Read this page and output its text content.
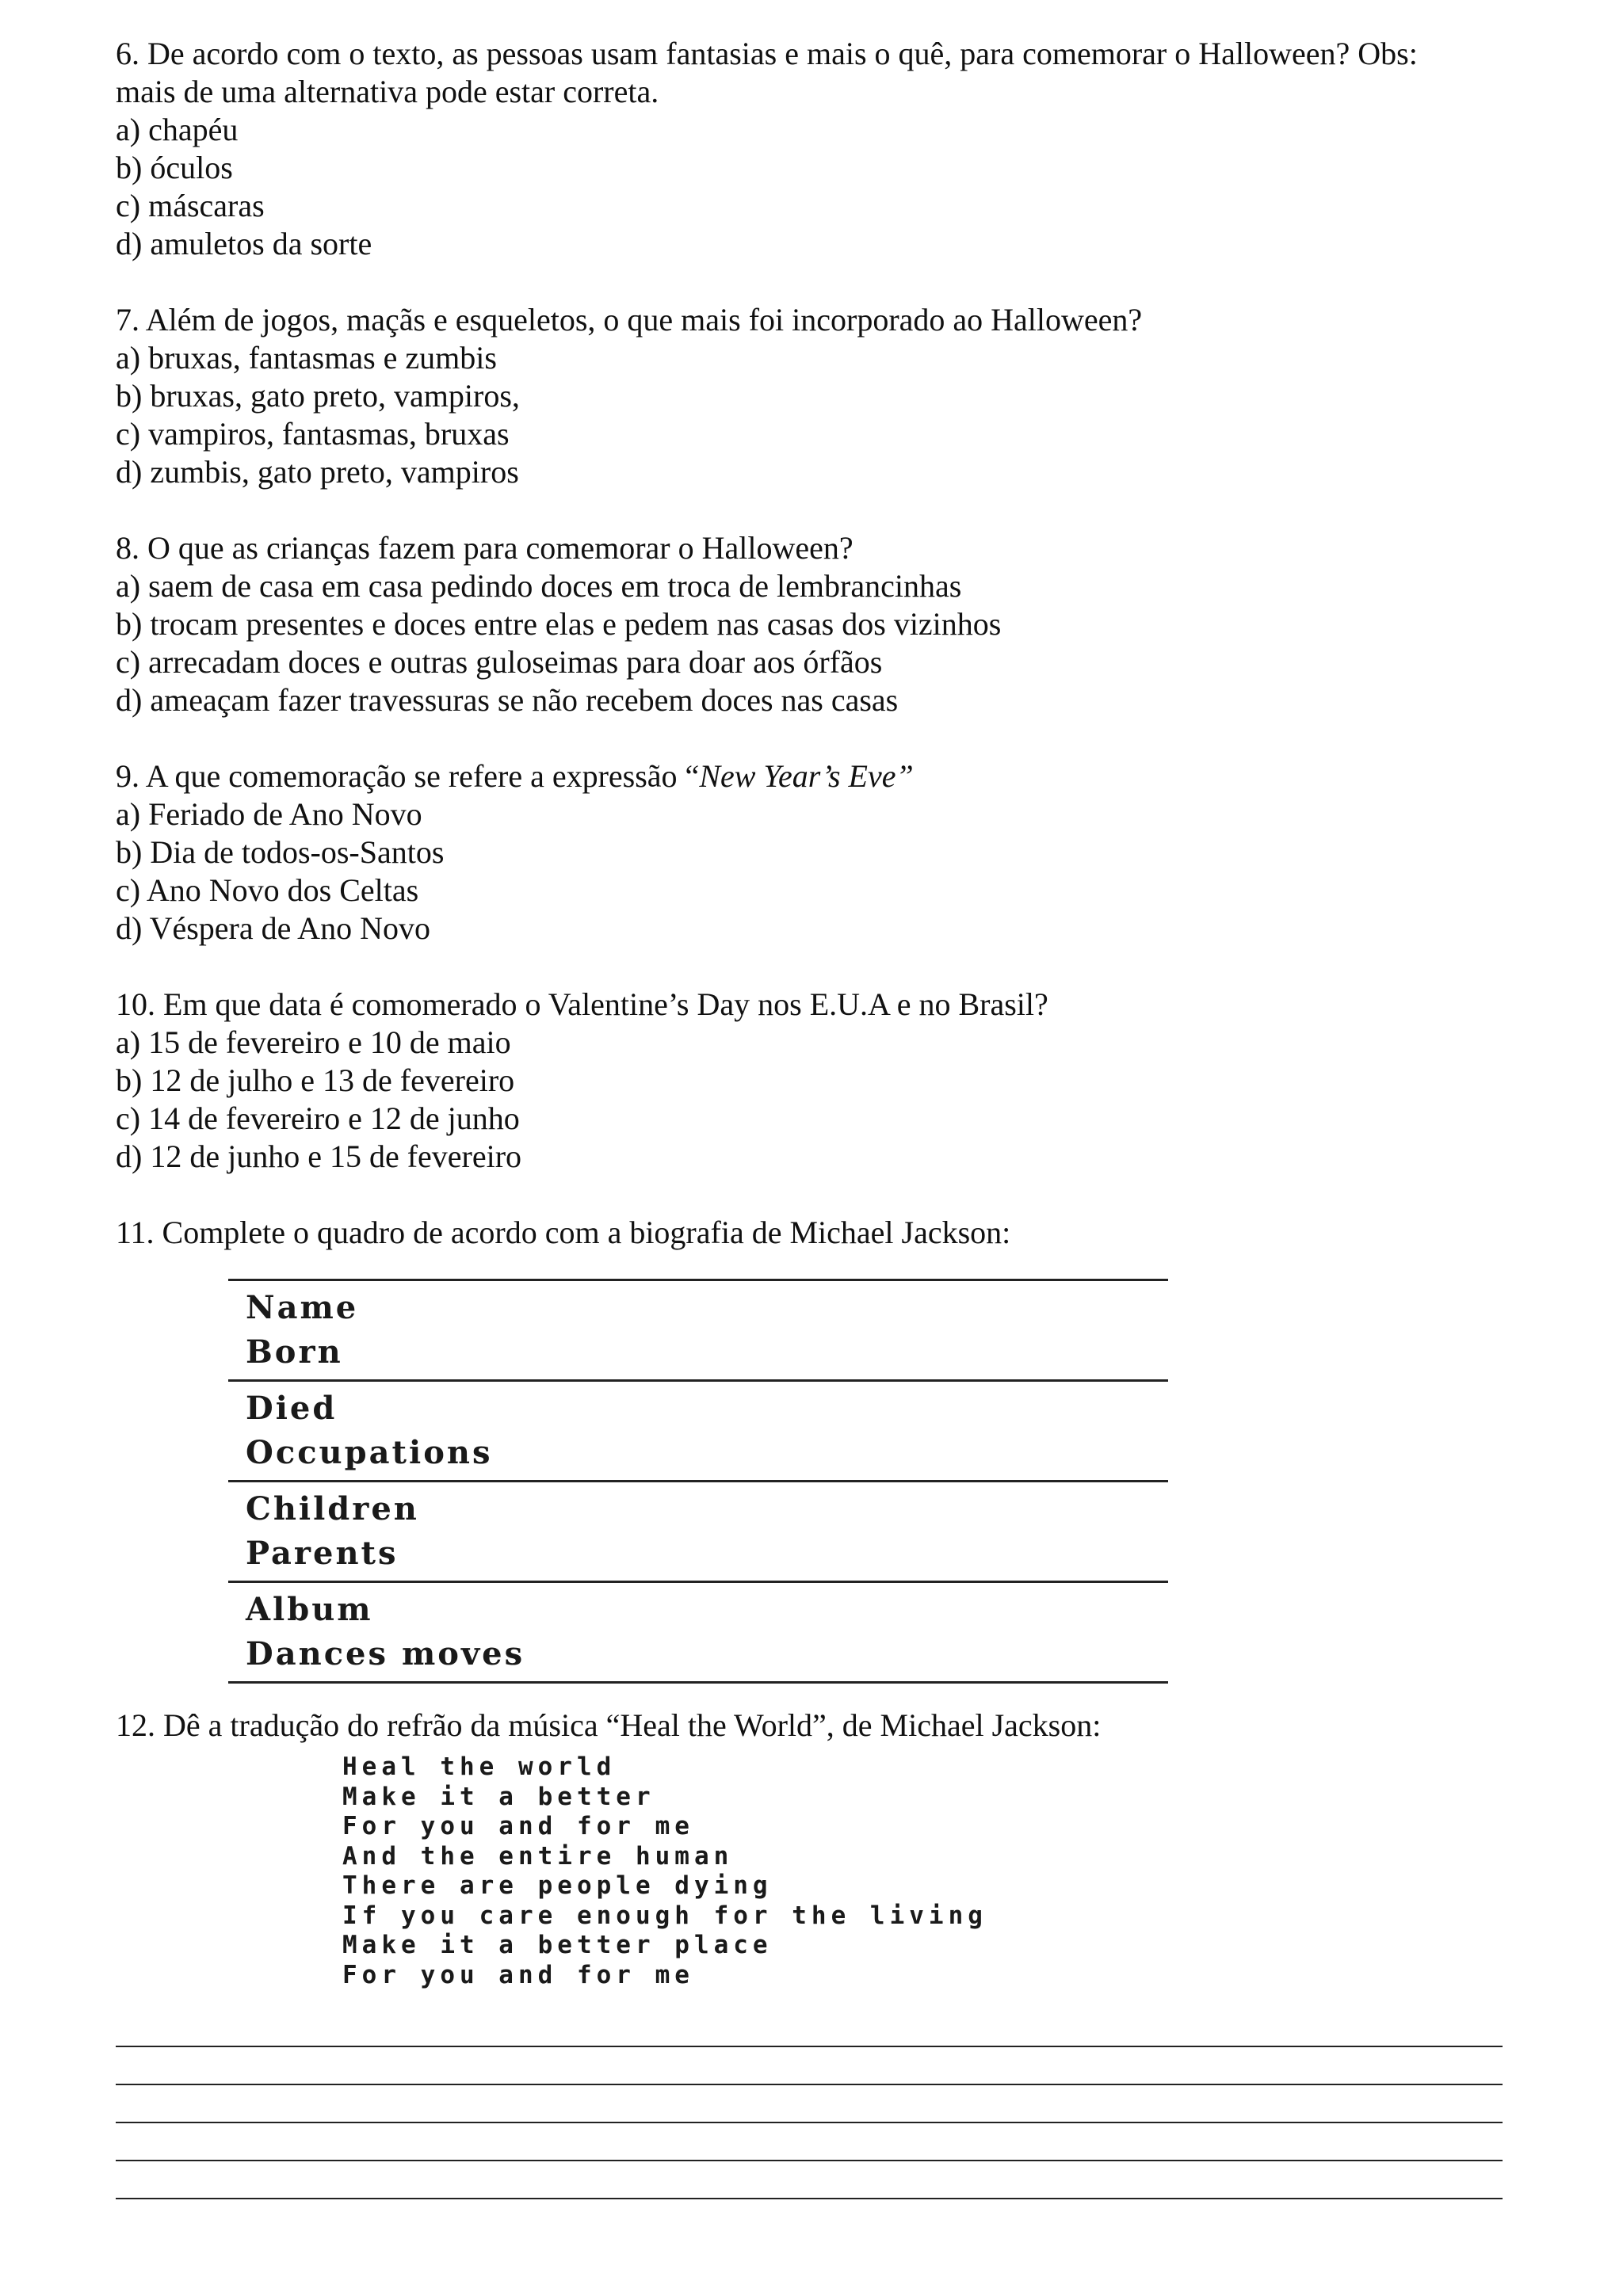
6. De acordo com o texto, as pessoas usam fantasias e mais o quê, para comemorar o Halloween? Obs:
mais de uma alternativa pode estar correta.
a) chapéu
b) óculos
c) máscaras
d) amuletos da sorte
7. Além de jogos, maçãs e esqueletos, o que mais foi incorporado ao Halloween?
a) bruxas, fantasmas e zumbis
b) bruxas, gato preto, vampiros,
c) vampiros, fantasmas, bruxas
d) zumbis, gato preto, vampiros
8. O que as crianças fazem para comemorar o Halloween?
a) saem de casa em casa pedindo doces em troca de lembrancinhas
b) trocam presentes e doces entre elas e pedem nas casas dos vizinhos
c) arrecadam doces e outras guloseimas para doar aos órfãos
d) ameaçam fazer travessuras se não recebem doces nas casas
9. A que comemoração se refere a expressão “New Year’s Eve”
a) Feriado de Ano Novo
b) Dia de todos-os-Santos
c) Ano Novo dos Celtas
d) Véspera de Ano Novo
10. Em que data é comomerado o Valentine’s Day nos E.U.A e no Brasil?
a) 15 de fevereiro e 10 de maio
b) 12 de julho e 13 de fevereiro
c) 14 de fevereiro e 12 de junho
d) 12 de junho e 15 de fevereiro
11. Complete o quadro de acordo com a biografia de Michael Jackson:
Name
Born
Died
Occupations
Children
Parents
Album
Dances moves
12. Dê a tradução do refrão da música “Heal the World”, de Michael Jackson:
Heal the world
Make it a better
For you and for me
And the entire human
There are people dying
If you care enough for the living
Make it a better place
For you and for me
